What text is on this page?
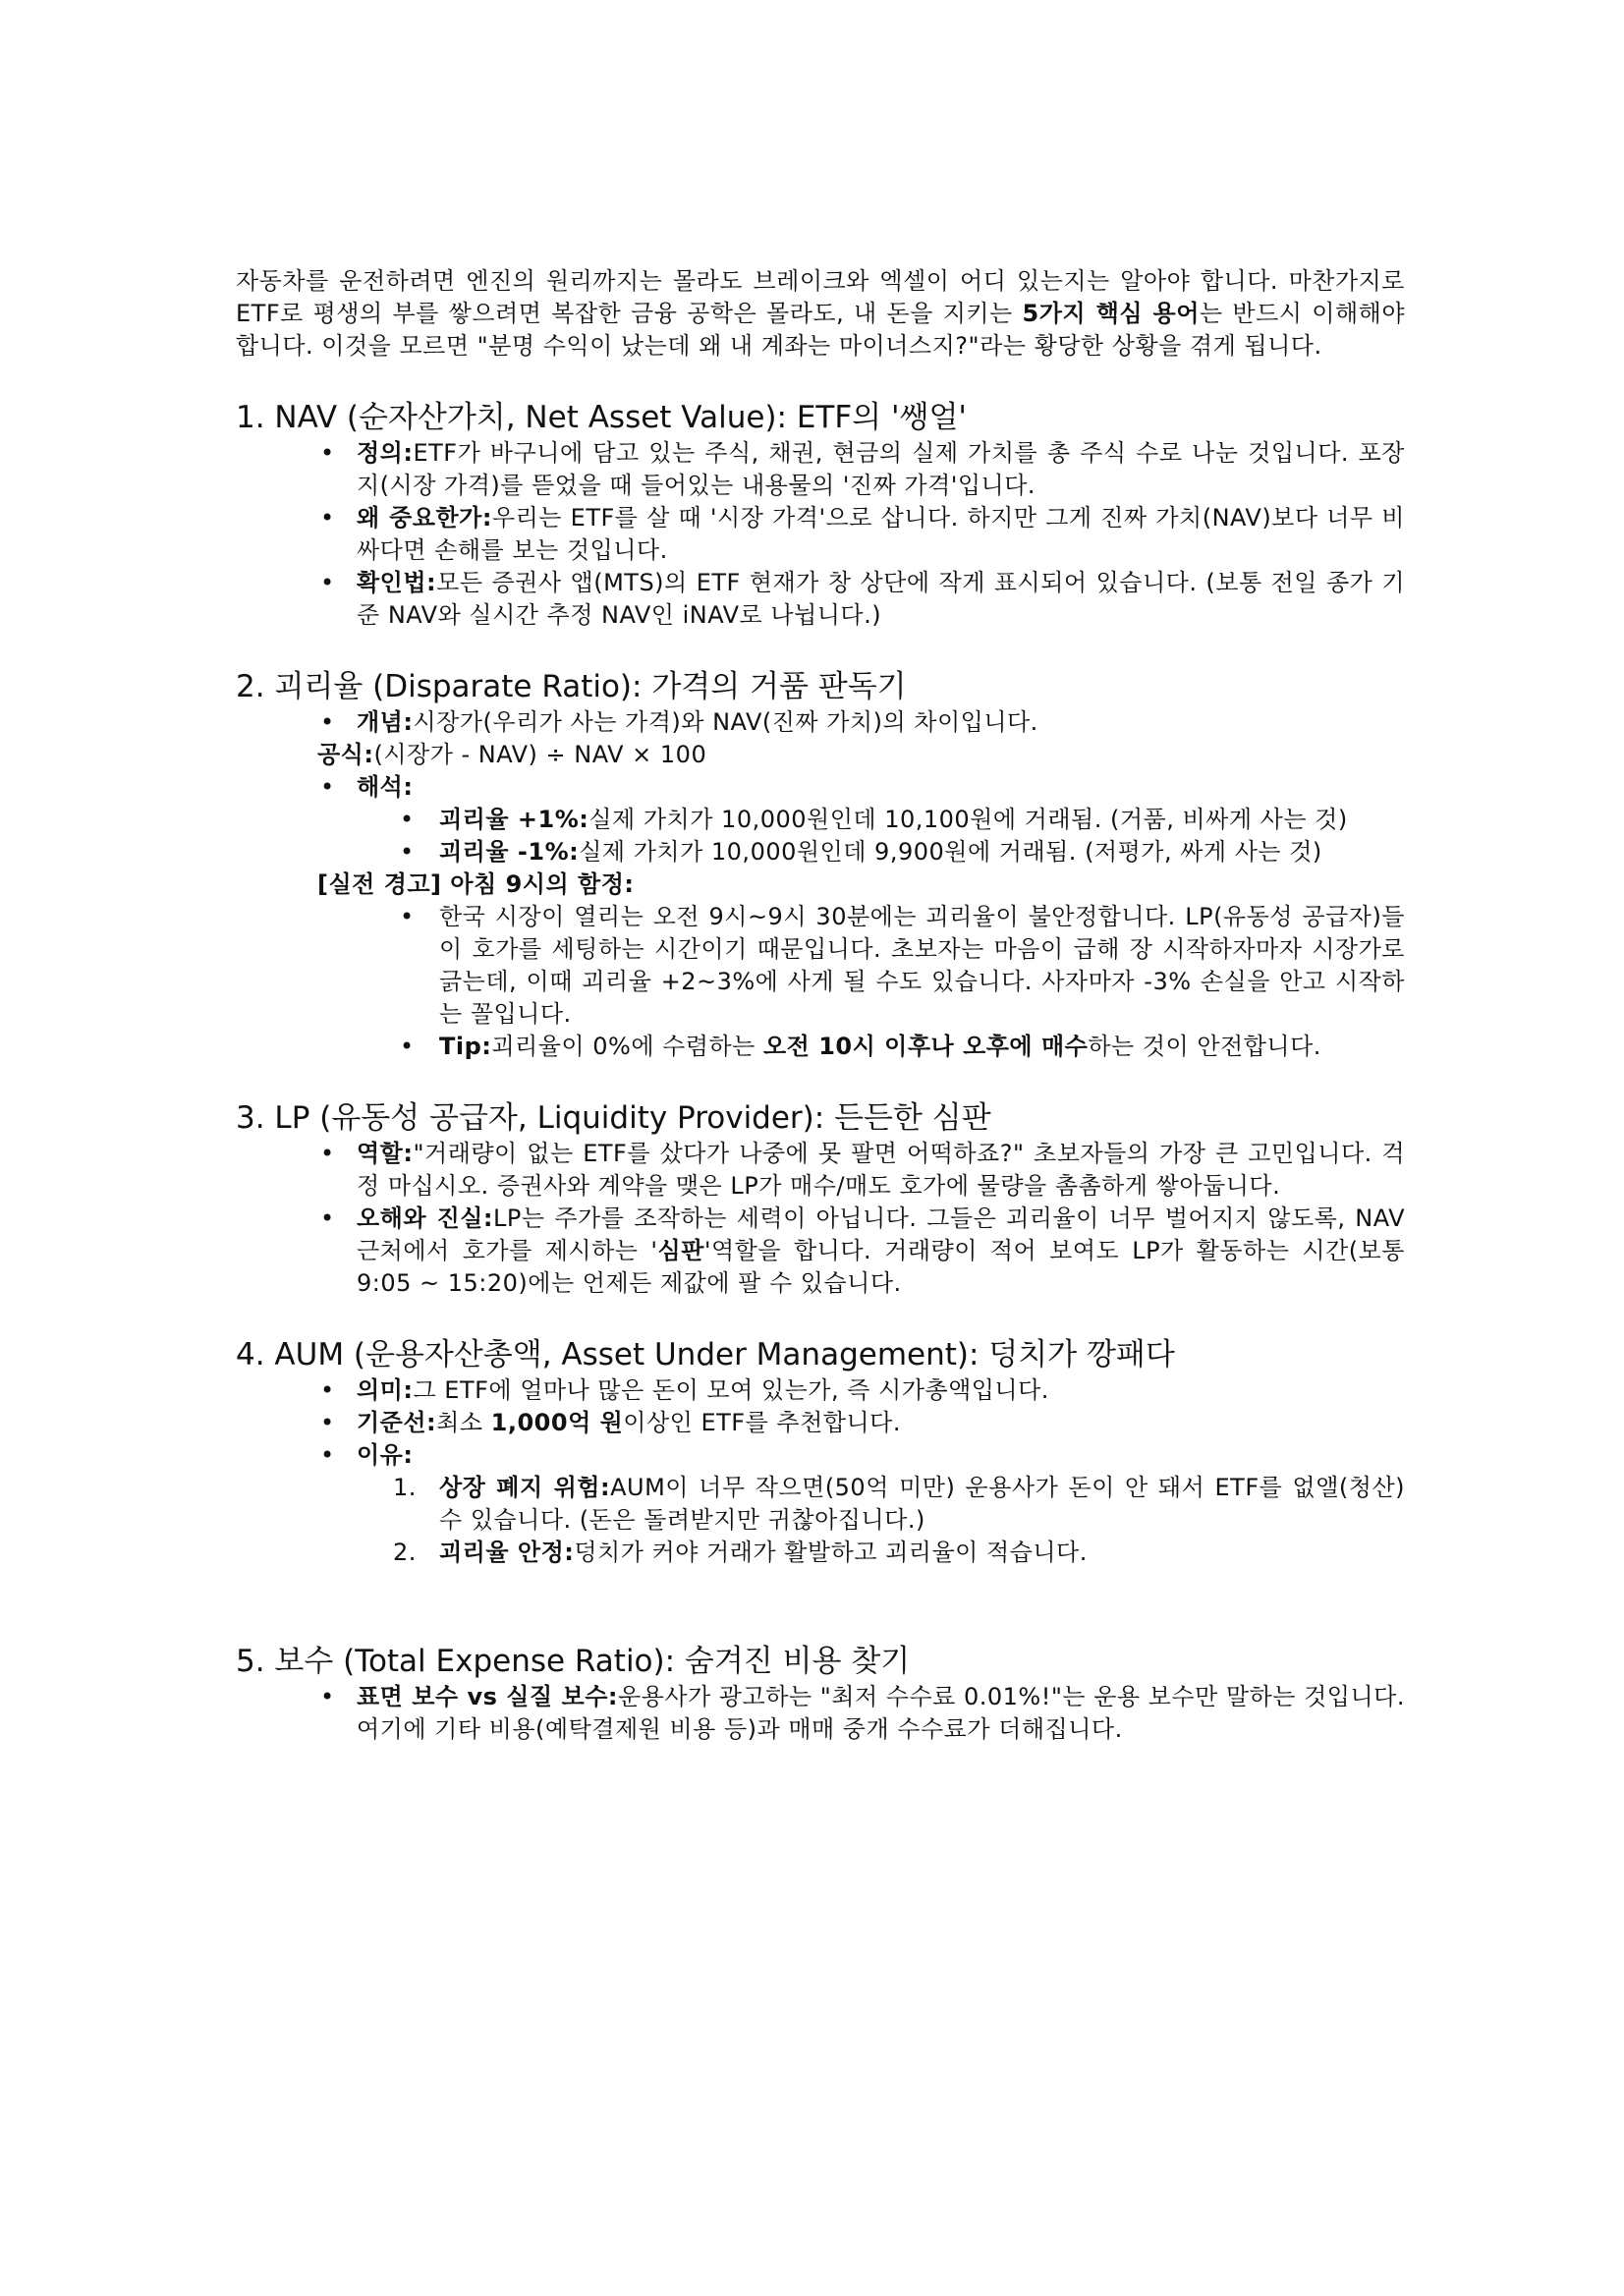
자동차를 운전하려면 엔진의 원리까지는 몰라도 브레이크와 엑셀이 어디 있는지는 알아야 합니다. 마찬가지로 ETF로 평생의 부를 쌓으려면 복잡한 금융 공학은 몰라도, 내 돈을 지키는 5가지 핵심 용어는 반드시 이해해야 합니다. 이것을 모르면 "분명 수익이 났는데 왜 내 계좌는 마이너스지?"라는 황당한 상황을 겪게 됩니다.

1. NAV (순자산가치, Net Asset Value): ETF의 '쌩얼'
• 정의:ETF가 바구니에 담고 있는 주식, 채권, 현금의 실제 가치를 총 주식 수로 나눈 것입니다. 포장지(시장 가격)를 뜯었을 때 들어있는 내용물의 '진짜 가격'입니다.
• 왜 중요한가:우리는 ETF를 살 때 '시장 가격'으로 삽니다. 하지만 그게 진짜 가치(NAV)보다 너무 비싸다면 손해를 보는 것입니다.
• 확인법:모든 증권사 앱(MTS)의 ETF 현재가 창 상단에 작게 표시되어 있습니다. (보통 전일 종가 기준 NAV와 실시간 추정 NAV인 iNAV로 나뉩니다.)
2. 괴리율 (Disparate Ratio): 가격의 거품 판독기
• 개념:시장가(우리가 사는 가격)와 NAV(진짜 가치)의 차이입니다.
공식:(시장가 - NAV) ÷ NAV × 100
• 해석:
• 괴리율 +1%:실제 가치가 10,000원인데 10,100원에 거래됨. (거품, 비싸게 사는 것)
• 괴리율 -1%:실제 가치가 10,000원인데 9,900원에 거래됨. (저평가, 싸게 사는 것)
[실전 경고] 아침 9시의 함정:
• 한국 시장이 열리는 오전 9시~9시 30분에는 괴리율이 불안정합니다. LP(유동성 공급자)들이 호가를 세팅하는 시간이기 때문입니다. 초보자는 마음이 급해 장 시작하자마자 시장가로 긁는데, 이때 괴리율 +2~3%에 사게 될 수도 있습니다. 사자마자 -3% 손실을 안고 시작하는 꼴입니다.
• Tip:괴리율이 0%에 수렴하는 오전 10시 이후나 오후에 매수하는 것이 안전합니다.
3. LP (유동성 공급자, Liquidity Provider): 든든한 심판
• 역할:"거래량이 없는 ETF를 샀다가 나중에 못 팔면 어떡하죠?" 초보자들의 가장 큰 고민입니다. 걱정 마십시오. 증권사와 계약을 맺은 LP가 매수/매도 호가에 물량을 촘촘하게 쌓아둡니다.
• 오해와 진실:LP는 주가를 조작하는 세력이 아닙니다. 그들은 괴리율이 너무 벌어지지 않도록, NAV 근처에서 호가를 제시하는 '심판'역할을 합니다. 거래량이 적어 보여도 LP가 활동하는 시간(보통 9:05 ~ 15:20)에는 언제든 제값에 팔 수 있습니다.
4. AUM (운용자산총액, Asset Under Management): 덩치가 깡패다
• 의미:그 ETF에 얼마나 많은 돈이 모여 있는가, 즉 시가총액입니다.
• 기준선:최소 1,000억 원이상인 ETF를 추천합니다.
• 이유:
1. 상장 폐지 위험:AUM이 너무 작으면(50억 미만) 운용사가 돈이 안 돼서 ETF를 없앨(청산) 수 있습니다. (돈은 돌려받지만 귀찮아집니다.)
2. 괴리율 안정:덩치가 커야 거래가 활발하고 괴리율이 적습니다.
5. 보수 (Total Expense Ratio): 숨겨진 비용 찾기
• 표면 보수 vs 실질 보수:운용사가 광고하는 "최저 수수료 0.01%!"는 운용 보수만 말하는 것입니다. 여기에 기타 비용(예탁결제원 비용 등)과 매매 중개 수수료가 더해집니다.
